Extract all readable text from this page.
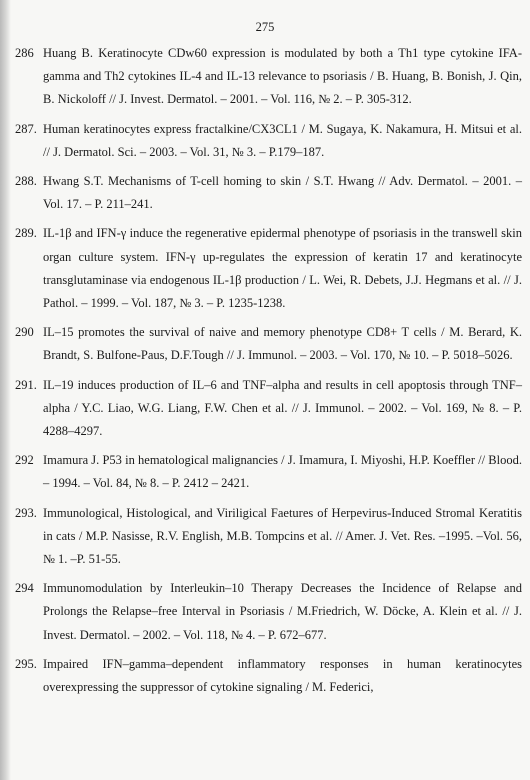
275
286 Huang B. Keratinocyte CDw60 expression is modulated by both a Th1 type cytokine IFA-gamma and Th2 cytokines IL-4 and IL-13 relevance to psoriasis / B. Huang, B. Bonish, J. Qin, B. Nickoloff // J. Invest. Dermatol. – 2001. – Vol. 116, № 2. – P. 305-312.
287. Human keratinocytes express fractalkine/CX3CL1 / M. Sugaya, K. Nakamura, H. Mitsui et al. // J. Dermatol. Sci. – 2003. – Vol. 31, № 3. – P.179–187.
288. Hwang S.T. Mechanisms of T-cell homing to skin / S.T. Hwang // Adv. Dermatol. – 2001. – Vol. 17. – P. 211–241.
289. IL-1β and IFN-γ induce the regenerative epidermal phenotype of psoriasis in the transwell skin organ culture system. IFN-γ up-regulates the expression of keratin 17 and keratinocyte transglutaminase via endogenous IL-1β production / L. Wei, R. Debets, J.J. Hegmans et al. // J. Pathol. – 1999. – Vol. 187, № 3. – P. 1235-1238.
290 IL–15 promotes the survival of naive and memory phenotype CD8+ T cells / M. Berard, K. Brandt, S. Bulfone-Paus, D.F.Tough // J. Immunol. – 2003. – Vol. 170, № 10. – P. 5018–5026.
291. IL–19 induces production of IL–6 and TNF–alpha and results in cell apoptosis through TNF–alpha / Y.C. Liao, W.G. Liang, F.W. Chen et al. // J. Immunol. – 2002. – Vol. 169, № 8. – P. 4288–4297.
292 Imamura J. P53 in hematological malignancies / J. Imamura, I. Miyoshi, H.P. Koeffler // Blood. – 1994. – Vol. 84, № 8. – P. 2412 – 2421.
293. Immunological, Histological, and Viriligical Faetures of Herpevirus-Induced Stromal Keratitis in cats / M.P. Nasisse, R.V. English, M.B. Tompcins et al. // Amer. J. Vet. Res. –1995. –Vol. 56, № 1. –P. 51-55.
294 Immunomodulation by Interleukin–10 Therapy Decreases the Incidence of Relapse and Prolongs the Relapse–free Interval in Psoriasis / M.Friedrich, W. Döcke, A. Klein et al. // J. Invest. Dermatol. – 2002. – Vol. 118, № 4. – P. 672–677.
295. Impaired IFN–gamma–dependent inflammatory responses in human keratinocytes overexpressing the suppressor of cytokine signaling / M. Federici,
